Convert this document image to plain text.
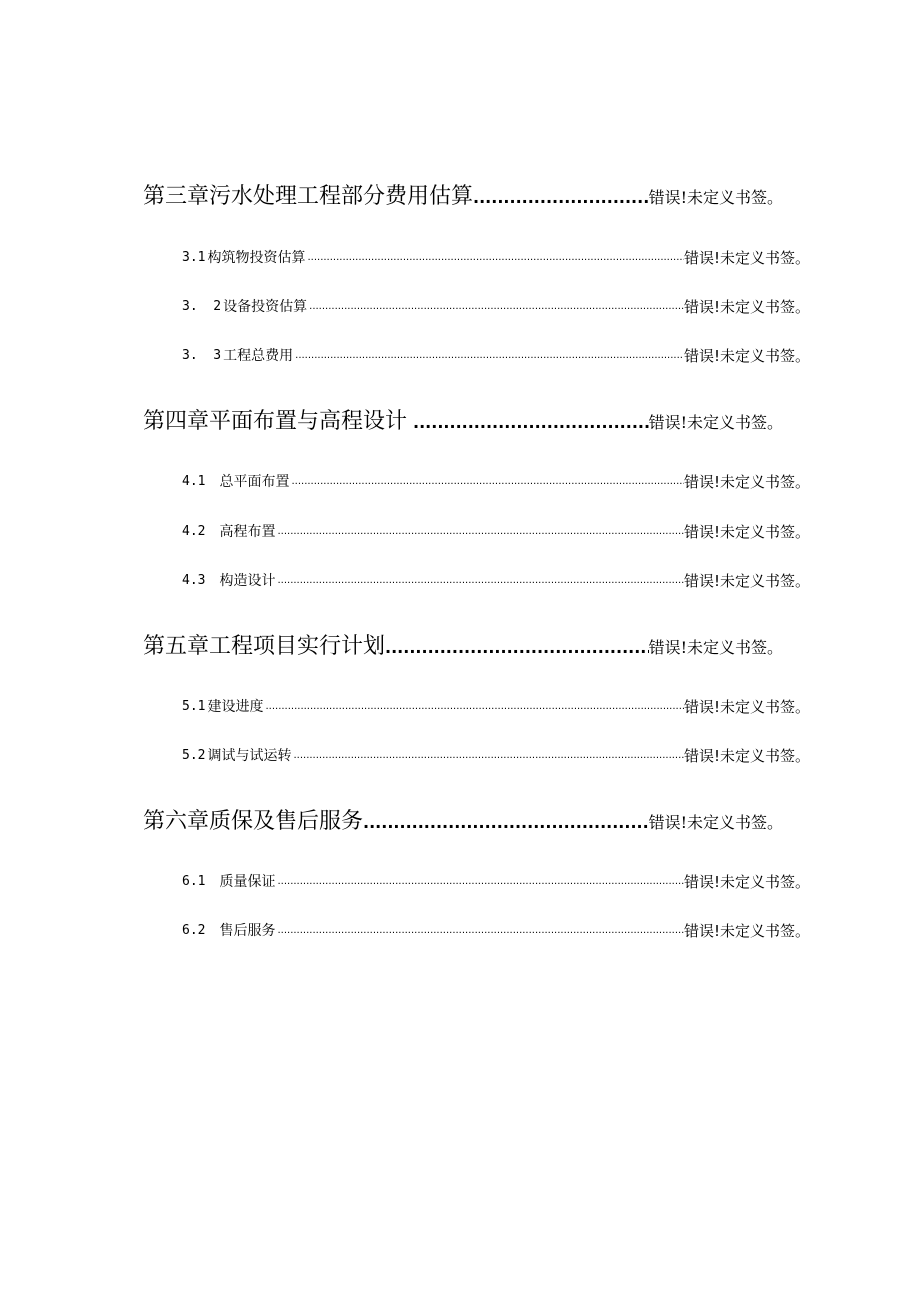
第三章污水处理工程部分费用估算 .....	错误!未定义书签。
3.1 构筑物投资估算 .....	错误!未定义书签。
3.  2 设备投资估算 .....	错误!未定义书签。
3.  3 工程总费用 .....	错误!未定义书签。
第四章平面布置与高程设计 .....	错误!未定义书签。
4.1 总平面布置 .....	错误!未定义书签。
4.2 高程布置 .....	错误!未定义书签。
4.3 构造设计 .....	错误!未定义书签。
第五章工程项目实行计划 .....	错误!未定义书签。
5.1 建设进度 .....	错误!未定义书签。
5.2 调试与试运转 .....	错误!未定义书签。
第六章质保及售后服务 .....	错误!未定义书签。
6.1 质量保证 .....	错误!未定义书签。
6.2 售后服务 .....	错误!未定义书签。
